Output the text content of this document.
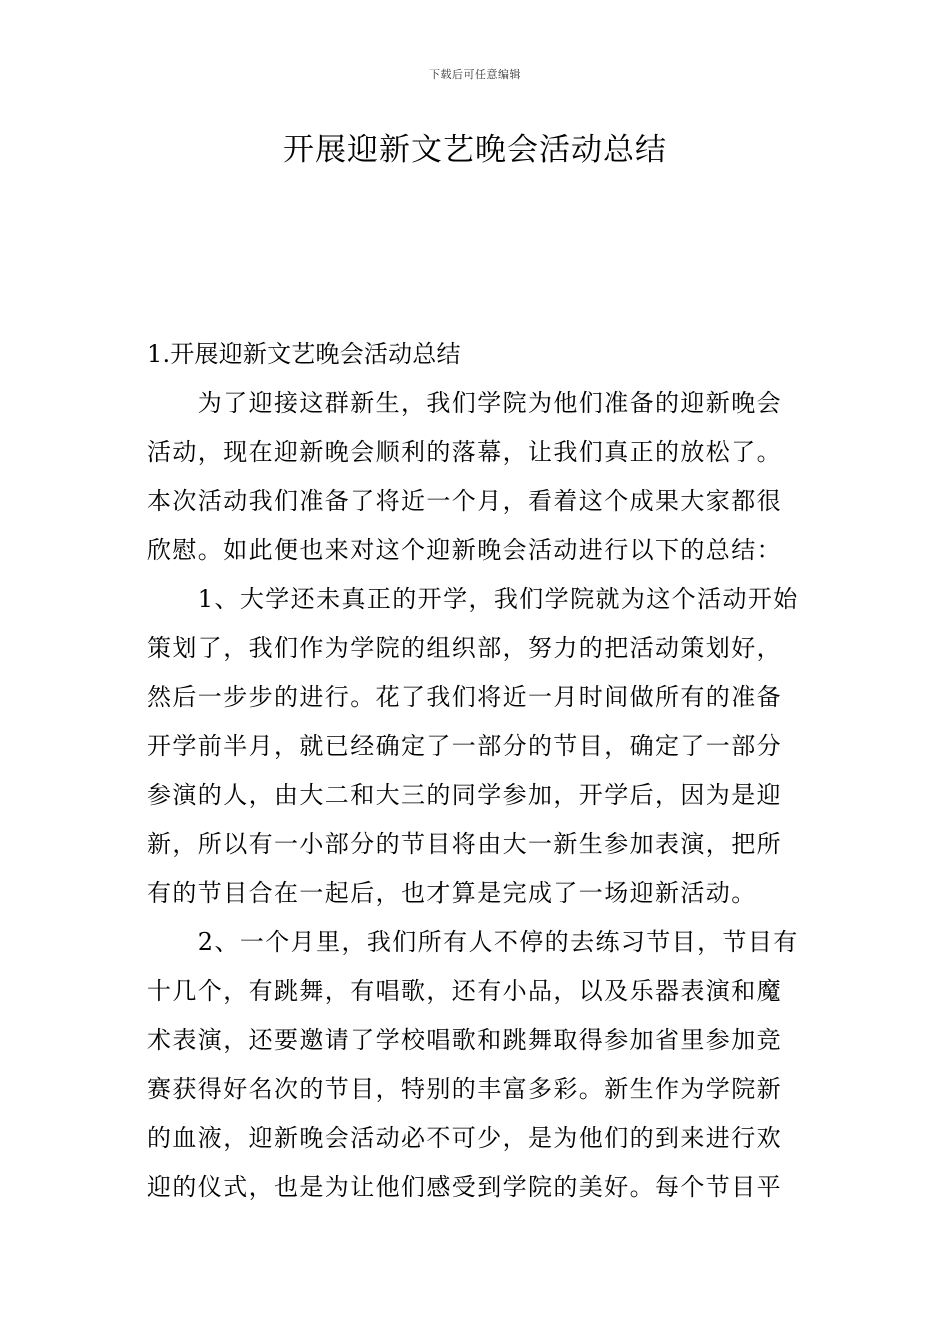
下载后可任意编辑
开展迎新文艺晚会活动总结
1.开展迎新文艺晚会活动总结
　　为了迎接这群新生，我们学院为他们准备的迎新晚会
活动，现在迎新晚会顺利的落幕，让我们真正的放松了。
本次活动我们准备了将近一个月，看着这个成果大家都很
欣慰。如此便也来对这个迎新晚会活动进行以下的总结：
　　1、大学还未真正的开学，我们学院就为这个活动开始
策划了，我们作为学院的组织部，努力的把活动策划好，
然后一步步的进行。花了我们将近一月时间做所有的准备
开学前半月，就已经确定了一部分的节目，确定了一部分
参演的人，由大二和大三的同学参加，开学后，因为是迎
新，所以有一小部分的节目将由大一新生参加表演，把所
有的节目合在一起后，也才算是完成了一场迎新活动。
　　2、一个月里，我们所有人不停的去练习节目，节目有
十几个，有跳舞，有唱歌，还有小品，以及乐器表演和魔
术表演，还要邀请了学校唱歌和跳舞取得参加省里参加竞
赛获得好名次的节目，特别的丰富多彩。新生作为学院新
的血液，迎新晚会活动必不可少，是为他们的到来进行欢
迎的仪式，也是为让他们感受到学院的美好。每个节目平
